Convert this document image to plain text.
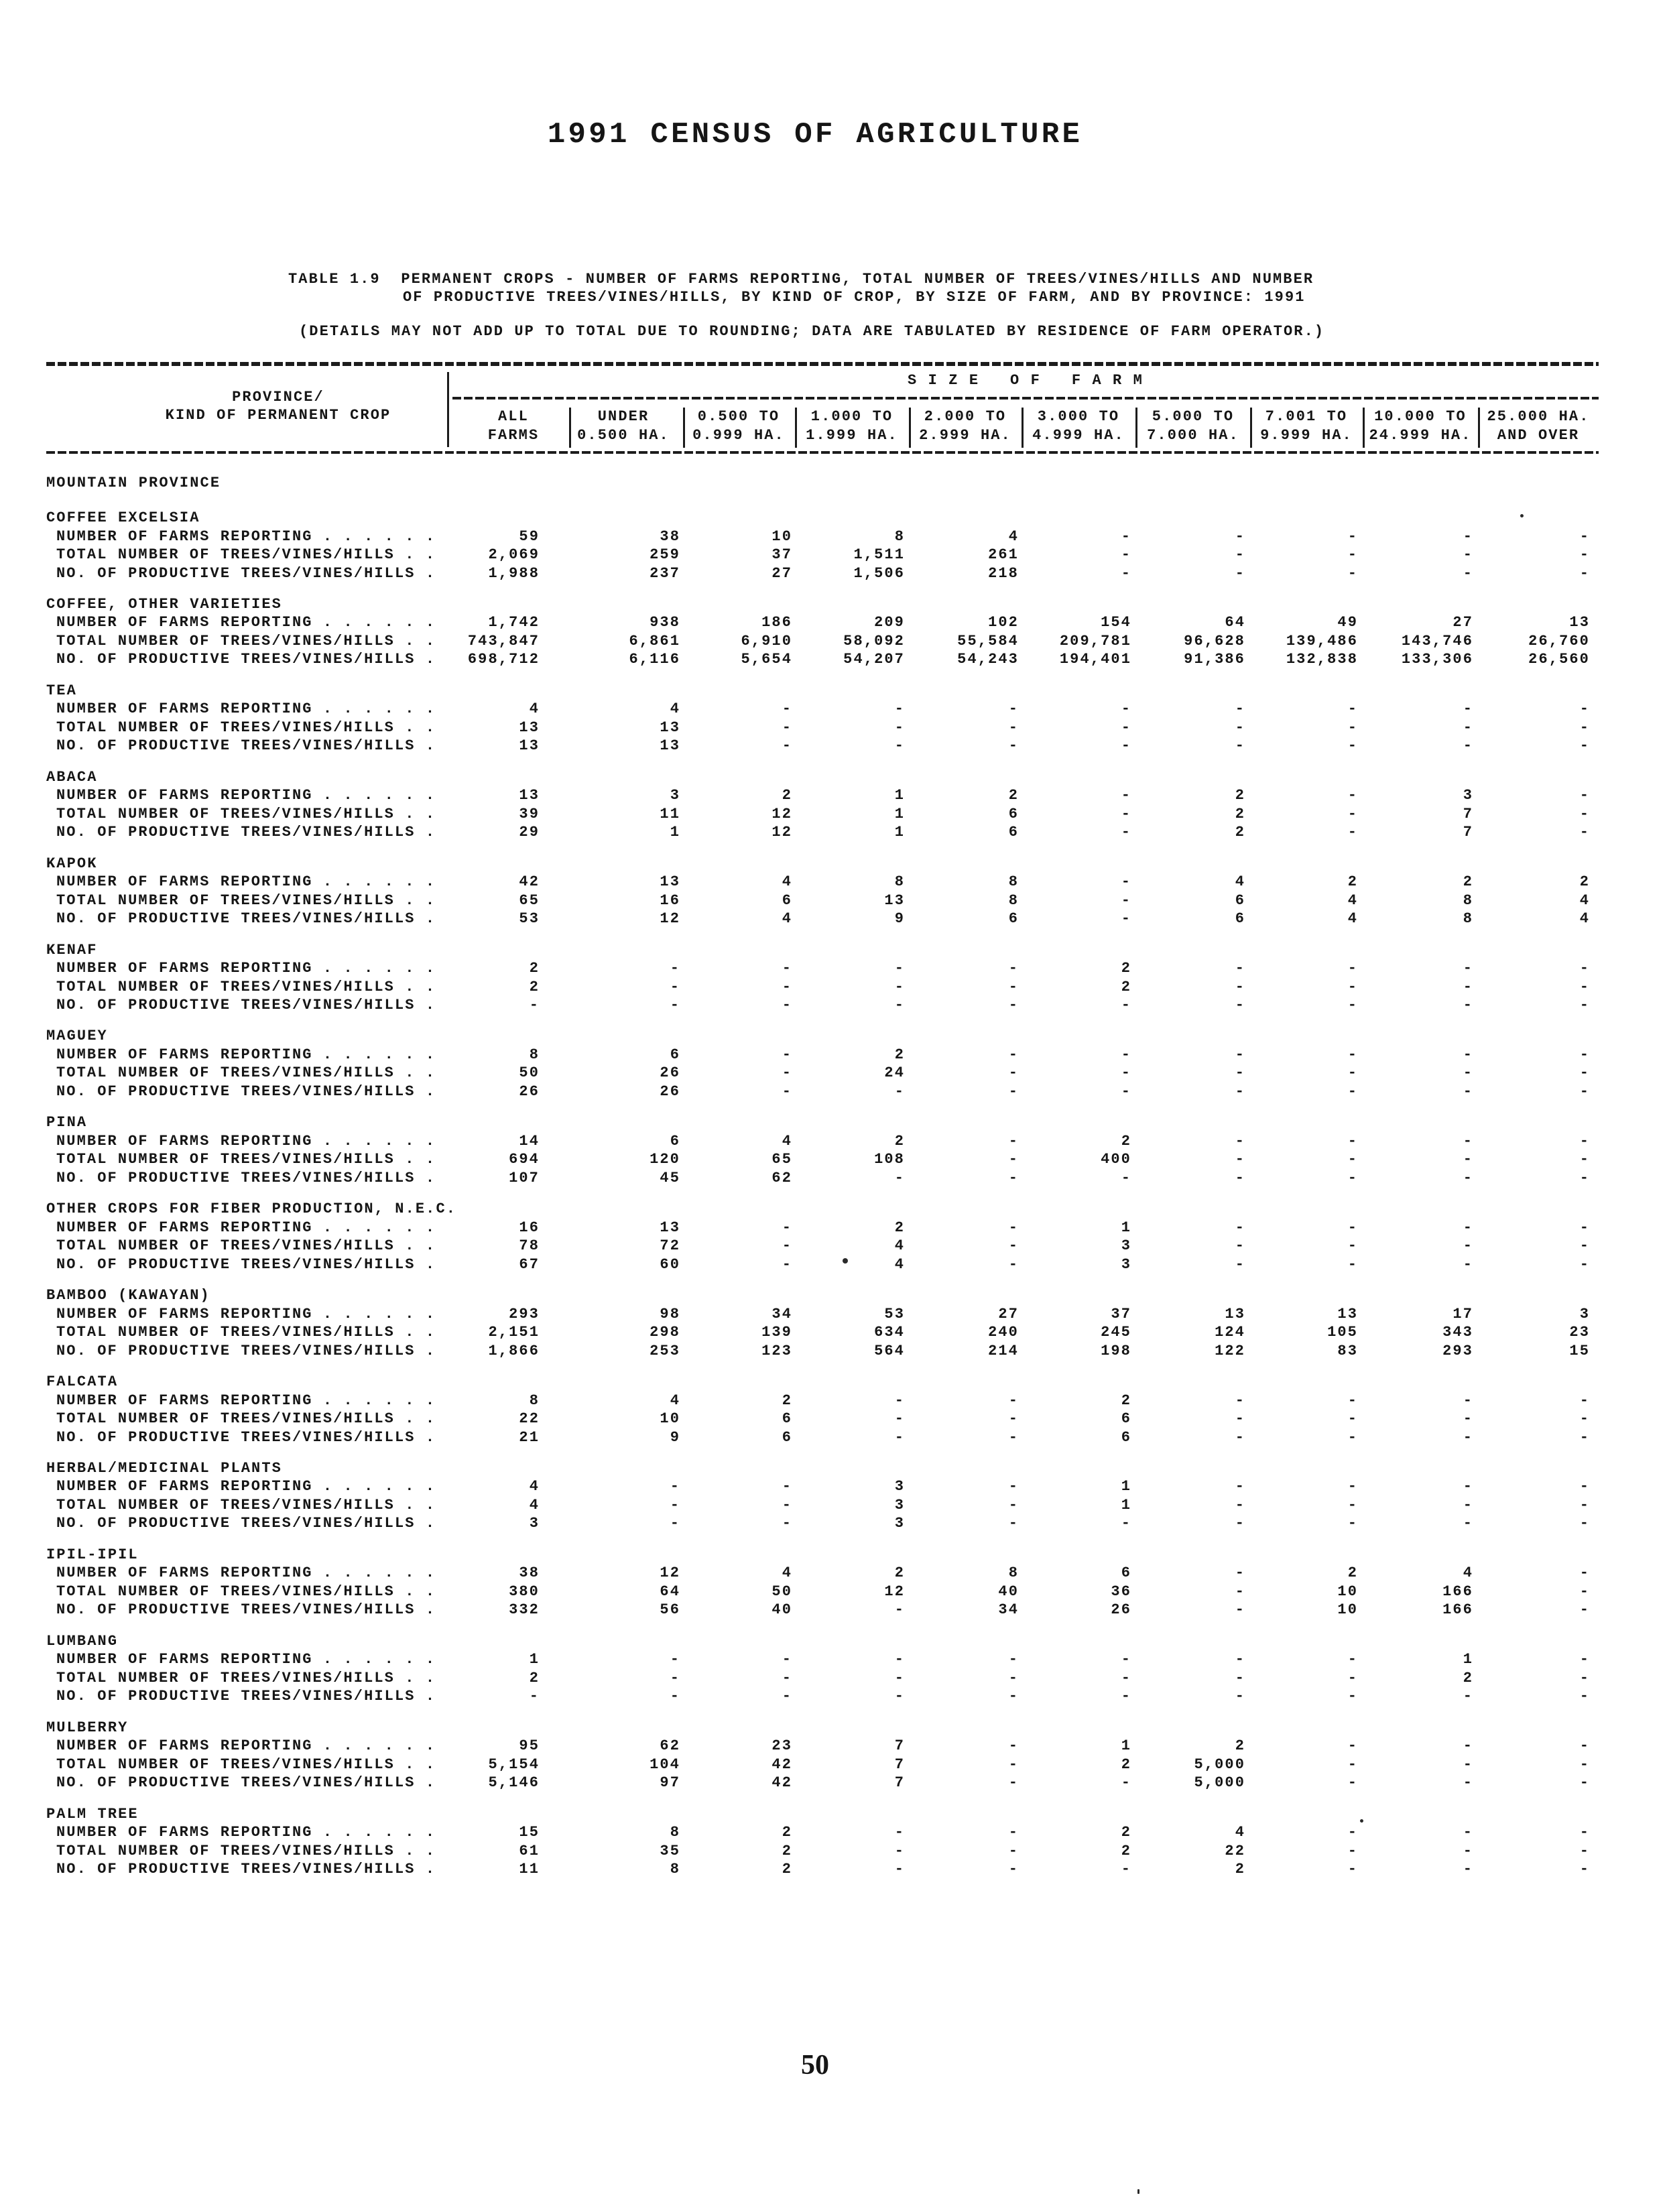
1991 CENSUS OF AGRICULTURE
TABLE 1.9  PERMANENT CROPS - NUMBER OF FARMS REPORTING, TOTAL NUMBER OF TREES/VINES/HILLS AND NUMBER
OF PRODUCTIVE TREES/VINES/HILLS, BY KIND OF CROP, BY SIZE OF FARM, AND BY PROVINCE: 1991
(DETAILS MAY NOT ADD UP TO TOTAL DUE TO ROUNDING; DATA ARE TABULATED BY RESIDENCE OF FARM OPERATOR.)
PROVINCE/
KIND OF PERMANENT CROP
S I Z E   O F   F A R M
ALL
FARMS
UNDER
0.500 HA.
0.500 TO
0.999 HA.
1.000 TO
1.999 HA.
2.000 TO
2.999 HA.
3.000 TO
4.999 HA.
5.000 TO
7.000 HA.
7.001 TO
9.999 HA.
10.000 TO
24.999 HA.
25.000 HA.
AND OVER
MOUNTAIN PROVINCE
COFFEE EXCELSIA
NUMBER OF FARMS REPORTING . . . . . .	59	38	10	8	4	-	-	-	-	-
TOTAL NUMBER OF TREES/VINES/HILLS . .	2,069	259	37	1,511	261	-	-	-	-	-
NO. OF PRODUCTIVE TREES/VINES/HILLS .	1,988	237	27	1,506	218	-	-	-	-	-
COFFEE, OTHER VARIETIES
NUMBER OF FARMS REPORTING . . . . . .	1,742	938	186	209	102	154	64	49	27	13
TOTAL NUMBER OF TREES/VINES/HILLS . . 743,847	6,861	6,910	58,092	55,584	209,781	96,628	139,486	143,746	26,760
NO. OF PRODUCTIVE TREES/VINES/HILLS . 698,712	6,116	5,654	54,207	54,243	194,401	91,386	132,838	133,306	26,560
TEA
NUMBER OF FARMS REPORTING . . . . . .	4	4	-	-	-	-	-	-	-	-
TOTAL NUMBER OF TREES/VINES/HILLS . .	13	13	-	-	-	-	-	-	-	-
NO. OF PRODUCTIVE TREES/VINES/HILLS .	13	13	-	-	-	-	-	-	-	-
ABACA
NUMBER OF FARMS REPORTING . . . . . .	13	3	2	1	2	-	2	-	3	-
TOTAL NUMBER OF TREES/VINES/HILLS . .	39	11	12	1	6	-	2	-	7	-
NO. OF PRODUCTIVE TREES/VINES/HILLS .	29	1	12	1	6	-	2	-	7	-
KAPOK
NUMBER OF FARMS REPORTING . . . . . .	42	13	4	8	8	-	4	2	2	2
TOTAL NUMBER OF TREES/VINES/HILLS . .	65	16	6	13	8	-	6	4	8	4
NO. OF PRODUCTIVE TREES/VINES/HILLS .	53	12	4	9	6	-	6	4	8	4
KENAF
NUMBER OF FARMS REPORTING . . . . . .	2	-	-	-	-	2	-	-	-	-
TOTAL NUMBER OF TREES/VINES/HILLS . .	2	-	-	-	-	2	-	-	-	-
NO. OF PRODUCTIVE TREES/VINES/HILLS .	-	-	-	-	-	-	-	-	-	-
MAGUEY
NUMBER OF FARMS REPORTING . . . . . .	8	6	-	2	-	-	-	-	-	-
TOTAL NUMBER OF TREES/VINES/HILLS . .	50	26	-	24	-	-	-	-	-	-
NO. OF PRODUCTIVE TREES/VINES/HILLS .	26	26	-	-	-	-	-	-	-	-
PINA
NUMBER OF FARMS REPORTING . . . . . .	14	6	4	2	-	2	-	-	-	-
TOTAL NUMBER OF TREES/VINES/HILLS . .	694	120	65	108	-	400	-	-	-	-
NO. OF PRODUCTIVE TREES/VINES/HILLS .	107	45	62	-	-	-	-	-	-	-
OTHER CROPS FOR FIBER PRODUCTION, N.E.C.
NUMBER OF FARMS REPORTING . . . . . .	16	13	-	2	-	1	-	-	-	-
TOTAL NUMBER OF TREES/VINES/HILLS . .	78	72	-	4	-	3	-	-	-	-
NO. OF PRODUCTIVE TREES/VINES/HILLS .	67	60	-	4	-	3	-	-	-	-
BAMBOO (KAWAYAN)
NUMBER OF FARMS REPORTING . . . . . .	293	98	34	53	27	37	13	13	17	3
TOTAL NUMBER OF TREES/VINES/HILLS . .	2,151	298	139	634	240	245	124	105	343	23
NO. OF PRODUCTIVE TREES/VINES/HILLS .	1,866	253	123	564	214	198	122	83	293	15
FALCATA
NUMBER OF FARMS REPORTING . . . . . .	8	4	2	-	-	2	-	-	-	-
TOTAL NUMBER OF TREES/VINES/HILLS . .	22	10	6	-	-	6	-	-	-	-
NO. OF PRODUCTIVE TREES/VINES/HILLS .	21	9	6	-	-	6	-	-	-	-
HERBAL/MEDICINAL PLANTS
NUMBER OF FARMS REPORTING . . . . . .	4	-	-	3	-	1	-	-	-	-
TOTAL NUMBER OF TREES/VINES/HILLS . .	4	-	-	3	-	1	-	-	-	-
NO. OF PRODUCTIVE TREES/VINES/HILLS .	3	-	-	3	-	-	-	-	-	-
IPIL-IPIL
NUMBER OF FARMS REPORTING . . . . . .	38	12	4	2	8	6	-	2	4	-
TOTAL NUMBER OF TREES/VINES/HILLS . .	380	64	50	12	40	36	-	10	166	-
NO. OF PRODUCTIVE TREES/VINES/HILLS .	332	56	40	-	34	26	-	10	166	-
LUMBANG
NUMBER OF FARMS REPORTING . . . . . .	1	-	-	-	-	-	-	-	1	-
TOTAL NUMBER OF TREES/VINES/HILLS . .	2	-	-	-	-	-	-	-	2	-
NO. OF PRODUCTIVE TREES/VINES/HILLS .	-	-	-	-	-	-	-	-	-	-
MULBERRY
NUMBER OF FARMS REPORTING . . . . . .	95	62	23	7	-	1	2	-	-	-
TOTAL NUMBER OF TREES/VINES/HILLS . .	5,154	104	42	7	-	2	5,000	-	-	-
NO. OF PRODUCTIVE TREES/VINES/HILLS .	5,146	97	42	7	-	-	5,000	-	-	-
PALM TREE
NUMBER OF FARMS REPORTING . . . . . .	15	8	2	-	-	2	4	-	-	-
TOTAL NUMBER OF TREES/VINES/HILLS . .	61	35	2	-	-	2	22	-	-	-
NO. OF PRODUCTIVE TREES/VINES/HILLS .	11	8	2	-	-	-	2	-	-	-
50
